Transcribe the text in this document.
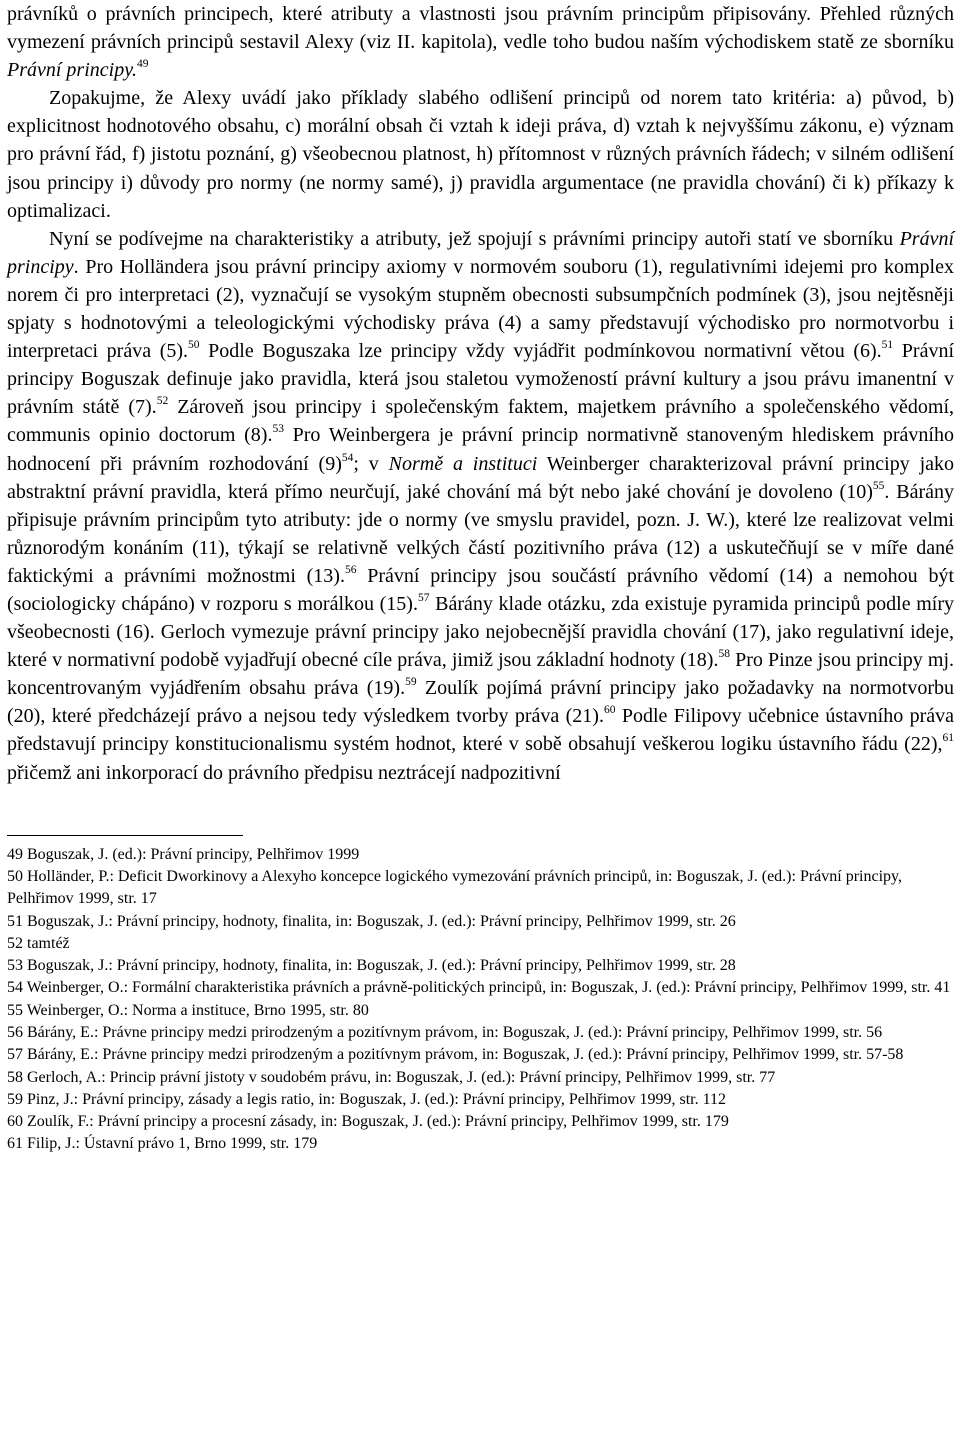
právníků o právních principech, které atributy a vlastnosti jsou právním principům připisovány. Přehled různých vymezení právních principů sestavil Alexy (viz II. kapitola), vedle toho budou naším východiskem statě ze sborníku Právní principy.$^{49}$

Zopakujme, že Alexy uvádí jako příklady slabého odlišení principů od norem tato kritéria: a) původ, b) explicitnost hodnotového obsahu, c) morální obsah či vztah k ideji práva, d) vztah k nejvyššímu zákonu, e) význam pro právní řád, f) jistotu poznání, g) všeobecnou platnost, h) přítomnost v různých právních řádech; v silném odlišení jsou principy i) důvody pro normy (ne normy samé), j) pravidla argumentace (ne pravidla chování) či k) příkazy k optimalizaci.

Nyní se podívejme na charakteristiky a atributy, jež spojují s právními principy autoři statí ve sborníku Právní principy. Pro Holländera jsou právní principy axiomy v normovém souboru (1), regulativními idejemi pro komplex norem či pro interpretaci (2), vyznačují se vysokým stupněm obecnosti subsumpčních podmínek (3), jsou nejtěsněji spjaty s hodnotovými a teleologickými východisky práva (4) a samy představují východisko pro normotvorbu i interpretaci práva (5).$^{50}$ Podle Boguszaka lze principy vždy vyjádřit podmínkovou normativní větou (6).$^{51}$ Právní principy Boguszak definuje jako pravidla, která jsou staletou vymožeností právní kultury a jsou právu imanentní v právním státě (7).$^{52}$ Zároveň jsou principy i společenským faktem, majetkem právního a společenského vědomí, communis opinio doctorum (8).$^{53}$ Pro Weinbergera je právní princip normativně stanoveným hlediskem právního hodnocení při právním rozhodování $(9)^{54}$; v Normě a instituci Weinberger charakterizoval právní principy jako abstraktní právní pravidla, která přímo neurčují, jaké chování má být nebo jaké chování je dovoleno $(10)^{55}$. Bárány připisuje právním principům tyto atributy: jde o normy (ve smyslu pravidel, pozn. J. W.), které lze realizovat velmi různorodým konáním (11), týkají se relativně velkých částí pozitivního práva (12) a uskutečňují se v míře dané faktickými a právními možnostmi (13).$^{56}$ Právní principy jsou součástí právního vědomí (14) a nemohou být (sociologicky chápáno) v rozporu s morálkou (15).$^{57}$ Bárány klade otázku, zda existuje pyramida principů podle míry všeobecnosti (16). Gerloch vymezuje právní principy jako nejobecnější pravidla chování (17), jako regulativní ideje, které v normativní podobě vyjadřují obecné cíle práva, jimiž jsou základní hodnoty (18).$^{58}$ Pro Pinze jsou principy mj. koncentrovaným vyjádřením obsahu práva (19).$^{59}$ Zoulík pojímá právní principy jako požadavky na normotvorbu (20), které předcházejí právo a nejsou tedy výsledkem tvorby práva (21).$^{60}$ Podle Filipovy učebnice ústavního práva představují principy konstitucionalismu systém hodnot, které v sobě obsahují veškerou logiku ústavního řádu (22),$^{61}$ přičemž ani inkorporací do právního předpisu neztrácejí nadpozitivní

49 Boguszak, J. (ed.): Právní principy, Pelhřimov 1999
50 Holländer, P.: Deficit Dworkinovy a Alexyho koncepce logického vymezování právních principů, in: Boguszak, J. (ed.): Právní principy, Pelhřimov 1999, str. 17
51 Boguszak, J.: Právní principy, hodnoty, finalita, in: Boguszak, J. (ed.): Právní principy, Pelhřimov 1999, str. 26
52 tamtéž
53 Boguszak, J.: Právní principy, hodnoty, finalita, in: Boguszak, J. (ed.): Právní principy, Pelhřimov 1999, str. 28
54 Weinberger, O.: Formální charakteristika právních a právně-politických principů, in: Boguszak, J. (ed.): Právní principy, Pelhřimov 1999, str. 41
55 Weinberger, O.: Norma a instituce, Brno 1995, str. 80
56 Bárány, E.: Právne principy medzi prirodzeným a pozitívnym právom, in: Boguszak, J. (ed.): Právní principy, Pelhřimov 1999, str. 56
57 Bárány, E.: Právne principy medzi prirodzeným a pozitívnym právom, in: Boguszak, J. (ed.): Právní principy, Pelhřimov 1999, str. 57-58
58 Gerloch, A.: Princip právní jistoty v soudobém právu, in: Boguszak, J. (ed.): Právní principy, Pelhřimov 1999, str. 77
59 Pinz, J.: Právní principy, zásady a legis ratio, in: Boguszak, J. (ed.): Právní principy, Pelhřimov 1999, str. 112
60 Zoulík, F.: Právní principy a procesní zásady, in: Boguszak, J. (ed.): Právní principy, Pelhřimov 1999, str. 179
61 Filip, J.: Ústavní právo 1, Brno 1999, str. 179
